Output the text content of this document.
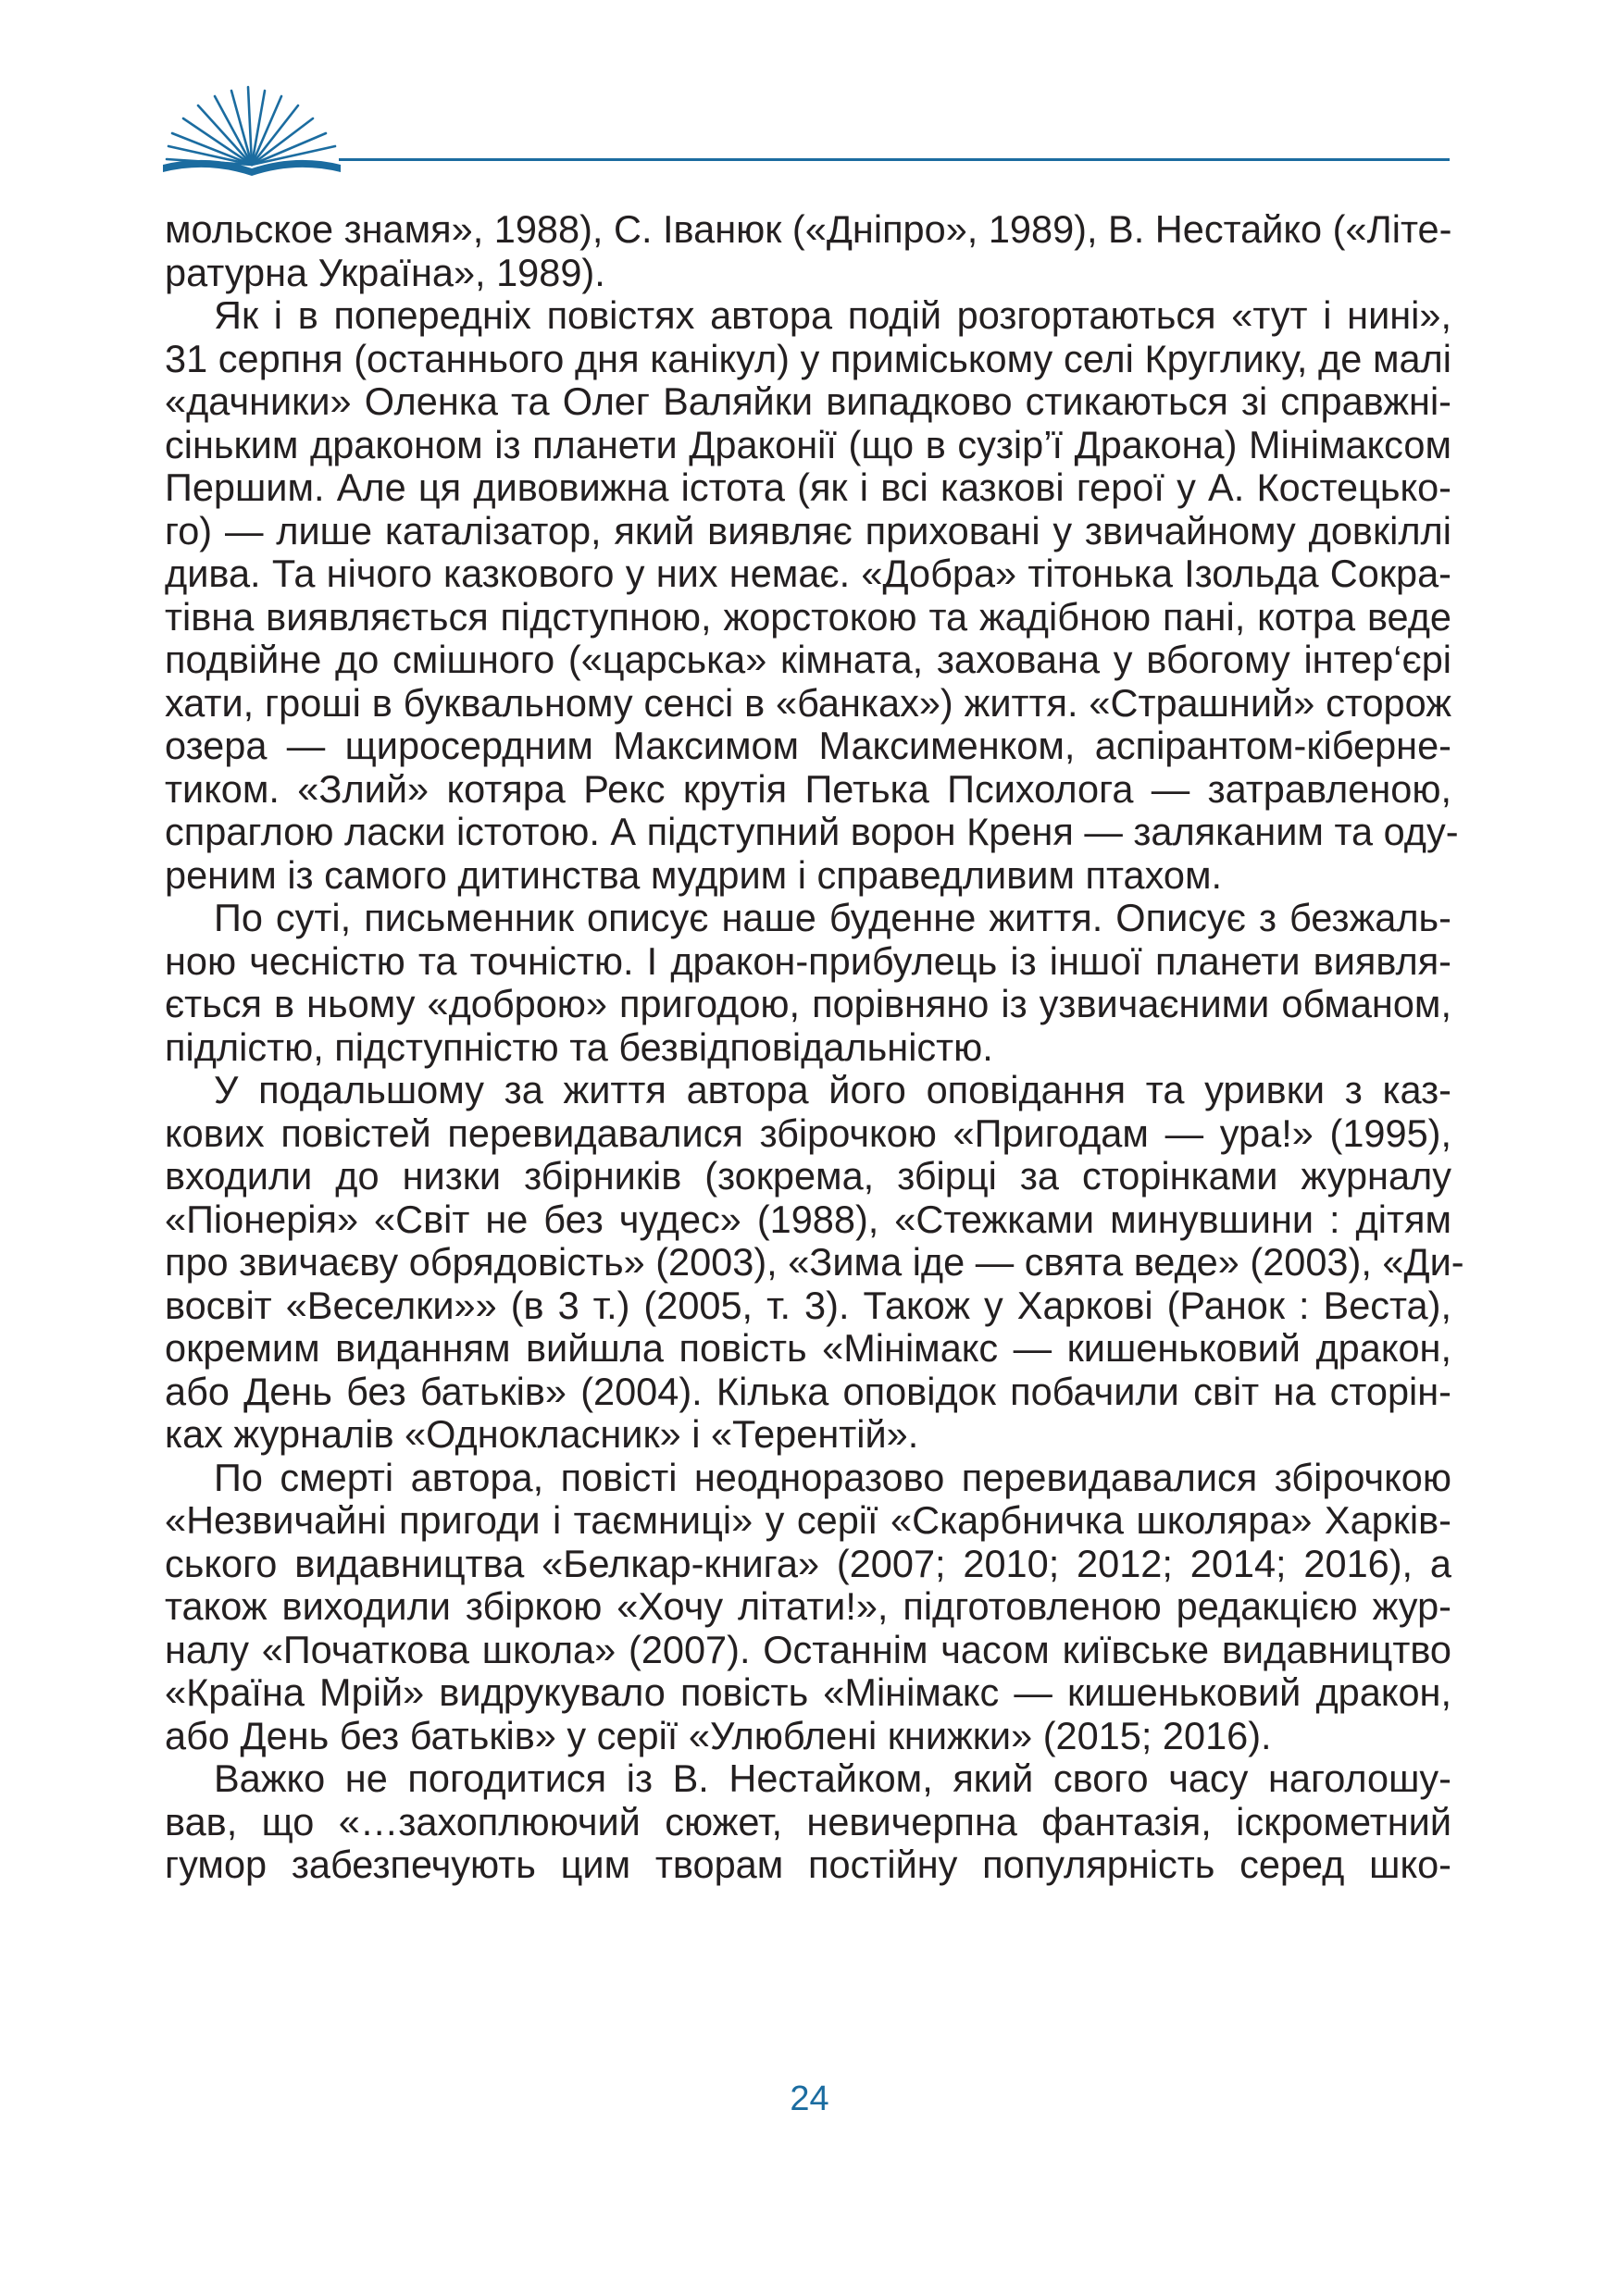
мольское знамя», 1988), С. Іванюк («Дніпро», 1989), В. Нестайко («Літе-
ратурна Україна», 1989).
Як і в попередніх повістях автора подій розгортаються «тут і нині»,
31 серпня (останнього дня канікул) у приміському селі Круглику, де малі
«дачники» Оленка та Олег Валяйки випадково стикаються зі справжні-
сіньким драконом із планети Драконії (що в сузір’ї Дракона) Мінімаксом
Першим. Але ця дивовижна істота (як і всі казкові герої у А. Костецько-
го) — лише каталізатор, який виявляє приховані у звичайному довкіллі
дива. Та нічого казкового у них немає. «Добра» тітонька Ізольда Сокра-
тівна виявляється підступною, жорстокою та жадібною пані, котра веде
подвійне до смішного («царська» кімната, захована у вбогому інтер‘єрі
хати, гроші в буквальному сенсі в «банках») життя. «Страшний» сторож
озера — щиросердним Максимом Максименком, аспірантом-кіберне-
тиком. «Злий» котяра Рекс крутія Петька Психолога — затравленою,
спраглою ласки істотою. А підступний ворон Креня — заляканим та оду-
реним із самого дитинства мудрим і справедливим птахом.
По суті, письменник описує наше буденне життя. Описує з безжаль-
ною чесністю та точністю. І дракон-прибулець із іншої планети виявля-
ється в ньому «доброю» пригодою, порівняно із узвичаєними обманом,
підлістю, підступністю та безвідповідальністю.
У подальшому за життя автора його оповідання та уривки з каз-
кових повістей перевидавалися збірочкою «Пригодам — ура!» (1995),
входили до низки збірників (зокрема, збірці за сторінками журналу
«Піонерія» «Світ не без чудес» (1988), «Стежками минувшини : дітям
про звичаєву обрядовість» (2003), «Зима іде — свята веде» (2003), «Ди-
восвіт «Веселки»» (в 3 т.) (2005, т. 3). Також у Харкові (Ранок : Веста),
окремим виданням вийшла повість «Мінімакс — кишеньковий дракон,
або День без батьків» (2004). Кілька оповідок побачили світ на сторін-
ках журналів «Однокласник» і «Терентій».
По смерті автора, повісті неодноразово перевидавалися збірочкою
«Незвичайні пригоди і таємниці» у серії «Скарбничка школяра» Харків-
ського видавництва «Белкар-книга» (2007; 2010; 2012; 2014; 2016), а
також виходили збіркою «Хочу літати!», підготовленою редакцією жур-
налу «Початкова школа» (2007). Останнім часом київське видавництво
«Країна Мрій» видрукувало повість «Мінімакс — кишеньковий дракон,
або День без батьків» у серії «Улюблені книжки» (2015; 2016).
Важко не погодитися із В. Нестайком, який свого часу наголошу-
вав, що «…захоплюючий сюжет, невичерпна фантазія, іскрометний
гумор забезпечують цим творам постійну популярність серед шко-
24
